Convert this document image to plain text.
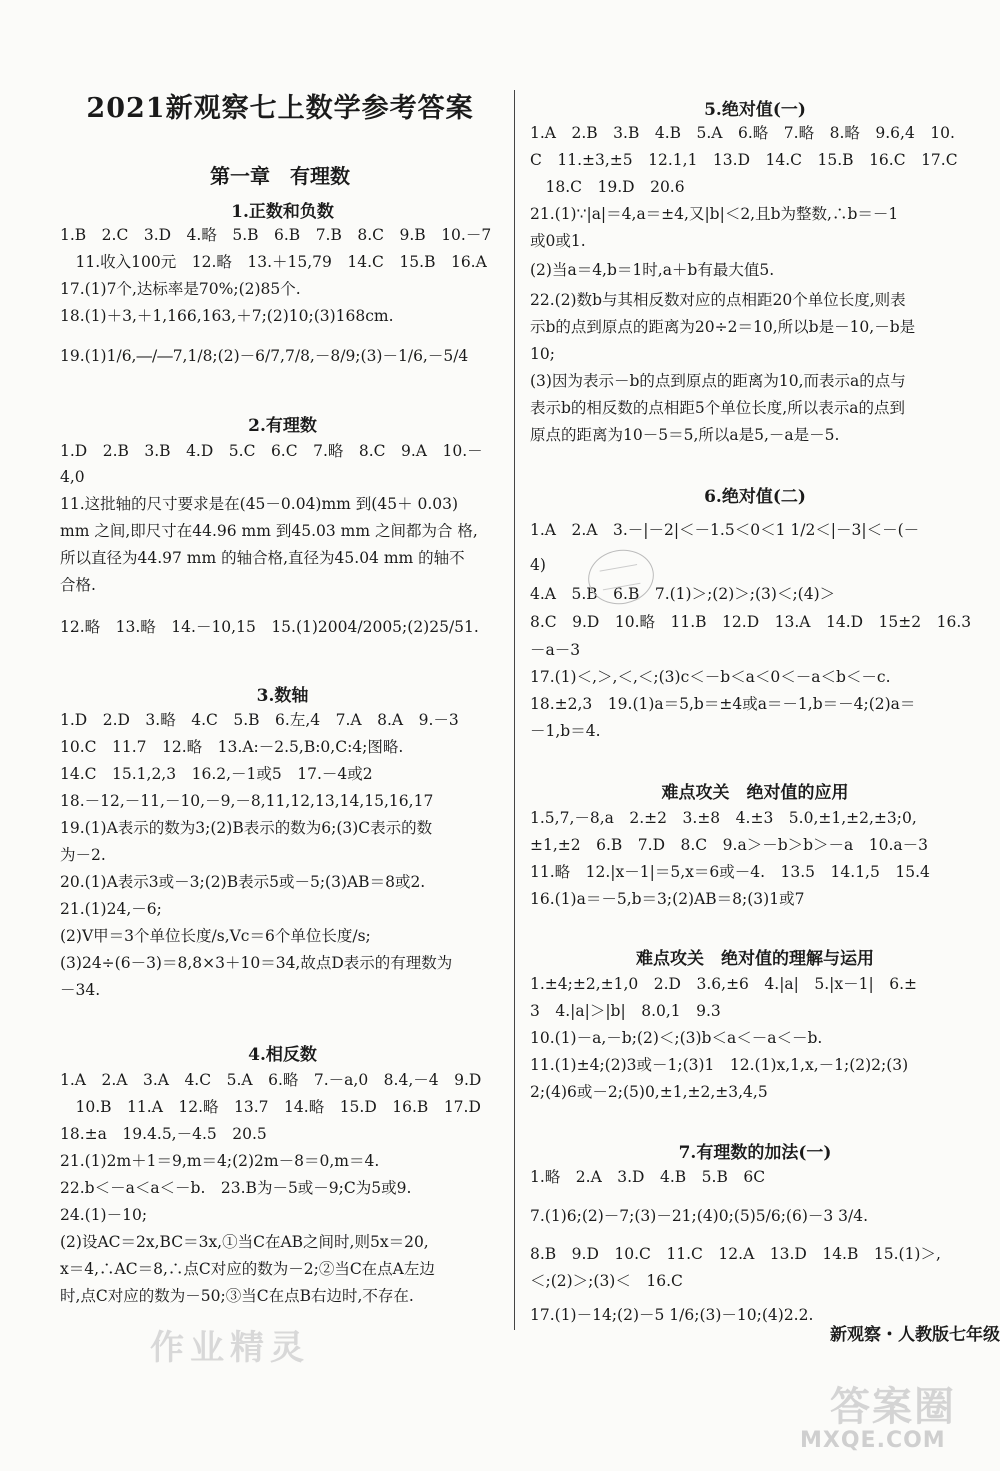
2021新观察七上数学参考答案
第一章　有理数
1.正数和负数
1.B　2.C　3.D　4.略　5.B　6.B　7.B　8.C　9.B　10.－7
　11.收入100元　12.略　13.＋15,79　14.C　15.B　16.A
17.(1)7个,达标率是70%;(2)85个.
18.(1)＋3,＋1,166,163,＋7;(2)10;(3)168cm.
19.(1)1/6,―/―7,1/8;(2)－6/7,7/8,－8/9;(3)－1/6,－5/4
2.有理数
1.D　2.B　3.B　4.D　5.C　6.C　7.略　8.C　9.A　10.－
4,0
11.这批轴的尺寸要求是在(45－0.04)mm 到(45＋ 0.03)
mm 之间,即尺寸在44.96 mm 到45.03 mm 之间都为合 格,
所以直径为44.97 mm 的轴合格,直径为45.04 mm 的轴不
合格.
12.略　13.略　14.－10,15　15.(1)2004/2005;(2)25/51.
3.数轴
1.D　2.D　3.略　4.C　5.B　6.左,4　7.A　8.A　9.－3
10.C　11.7　12.略　13.A:－2.5,B:0,C:4;图略.
14.C　15.1,2,3　16.2,－1或5　17.－4或2
18.－12,－11,－10,－9,－8,11,12,13,14,15,16,17
19.(1)A表示的数为3;(2)B表示的数为6;(3)C表示的数
为－2.
20.(1)A表示3或－3;(2)B表示5或－5;(3)AB＝8或2.
21.(1)24,－6;
(2)V甲＝3个单位长度/s,Vc＝6个单位长度/s;
(3)24÷(6－3)＝8,8×3＋10＝34,故点D表示的有理数为
－34.
4.相反数
1.A　2.A　3.A　4.C　5.A　6.略　7.－a,0　8.4,－4　9.D
　10.B　11.A　12.略　13.7　14.略　15.D　16.B　17.D
18.±a　19.4.5,－4.5　20.5
21.(1)2m＋1＝9,m＝4;(2)2m－8＝0,m＝4.
22.b＜－a＜a＜－b.　23.B为－5或－9;C为5或9.
24.(1)－10;
(2)设AC＝2x,BC＝3x,①当C在AB之间时,则5x＝20,
x＝4,∴AC＝8,∴点C对应的数为－2;②当C在点A左边
时,点C对应的数为－50;③当C在点B右边时,不存在.
5.绝对值(一)
1.A　2.B　3.B　4.B　5.A　6.略　7.略　8.略　9.6,4　10.
C　11.±3,±5　12.1,1　13.D　14.C　15.B　16.C　17.C
　18.C　19.D　20.6
21.(1)∵|a|＝4,a＝±4,又|b|＜2,且b为整数,∴b＝－1
或0或1.
(2)当a＝4,b＝1时,a＋b有最大值5.
22.(2)数b与其相反数对应的点相距20个单位长度,则表
示b的点到原点的距离为20÷2＝10,所以b是－10,－b是
10;
(3)因为表示－b的点到原点的距离为10,而表示a的点与
表示b的相反数的点相距5个单位长度,所以表示a的点到
原点的距离为10－5＝5,所以a是5,－a是－5.
6.绝对值(二)
1.A　2.A　3.－|－2|＜－1.5＜0＜1 1/2＜|－3|＜－(－
4)
4.A　5.B　6.B　7.(1)＞;(2)＞;(3)＜;(4)＞
8.C　9.D　10.略　11.B　12.D　13.A　14.D　15±2　16.3
－a－3
17.(1)＜,＞,＜,＜;(3)c＜－b＜a＜0＜－a＜b＜－c.
18.±2,3　19.(1)a＝5,b＝±4或a＝－1,b＝－4;(2)a＝
－1,b＝4.
难点攻关　绝对值的应用
1.5,7,－8,a　2.±2　3.±8　4.±3　5.0,±1,±2,±3;0,
±1,±2　6.B　7.D　8.C　9.a＞－b＞b＞－a　10.a－3
11.略　12.|x－1|＝5,x＝6或－4.　13.5　14.1,5　15.4
16.(1)a＝－5,b＝3;(2)AB＝8;(3)1或7
难点攻关　绝对值的理解与运用
1.±4;±2,±1,0　2.D　3.6,±6　4.|a|　5.|x－1|　6.±
3　4.|a|＞|b|　8.0,1　9.3
10.(1)－a,－b;(2)＜;(3)b＜a＜－a＜－b.
11.(1)±4;(2)3或－1;(3)1　12.(1)x,1,x,－1;(2)2;(3)
2;(4)6或－2;(5)0,±1,±2,±3,4,5
7.有理数的加法(一)
1.略　2.A　3.D　4.B　5.B　6C
7.(1)6;(2)－7;(3)－21;(4)0;(5)5/6;(6)－3 3/4.
8.B　9.D　10.C　11.C　12.A　13.D　14.B　15.(1)＞,
＜;(2)＞;(3)＜　16.C
17.(1)－14;(2)－5 1/6;(3)－10;(4)2.2.
新观察・人教版七年级
作业精灵
答案圈
MXQE.COM
